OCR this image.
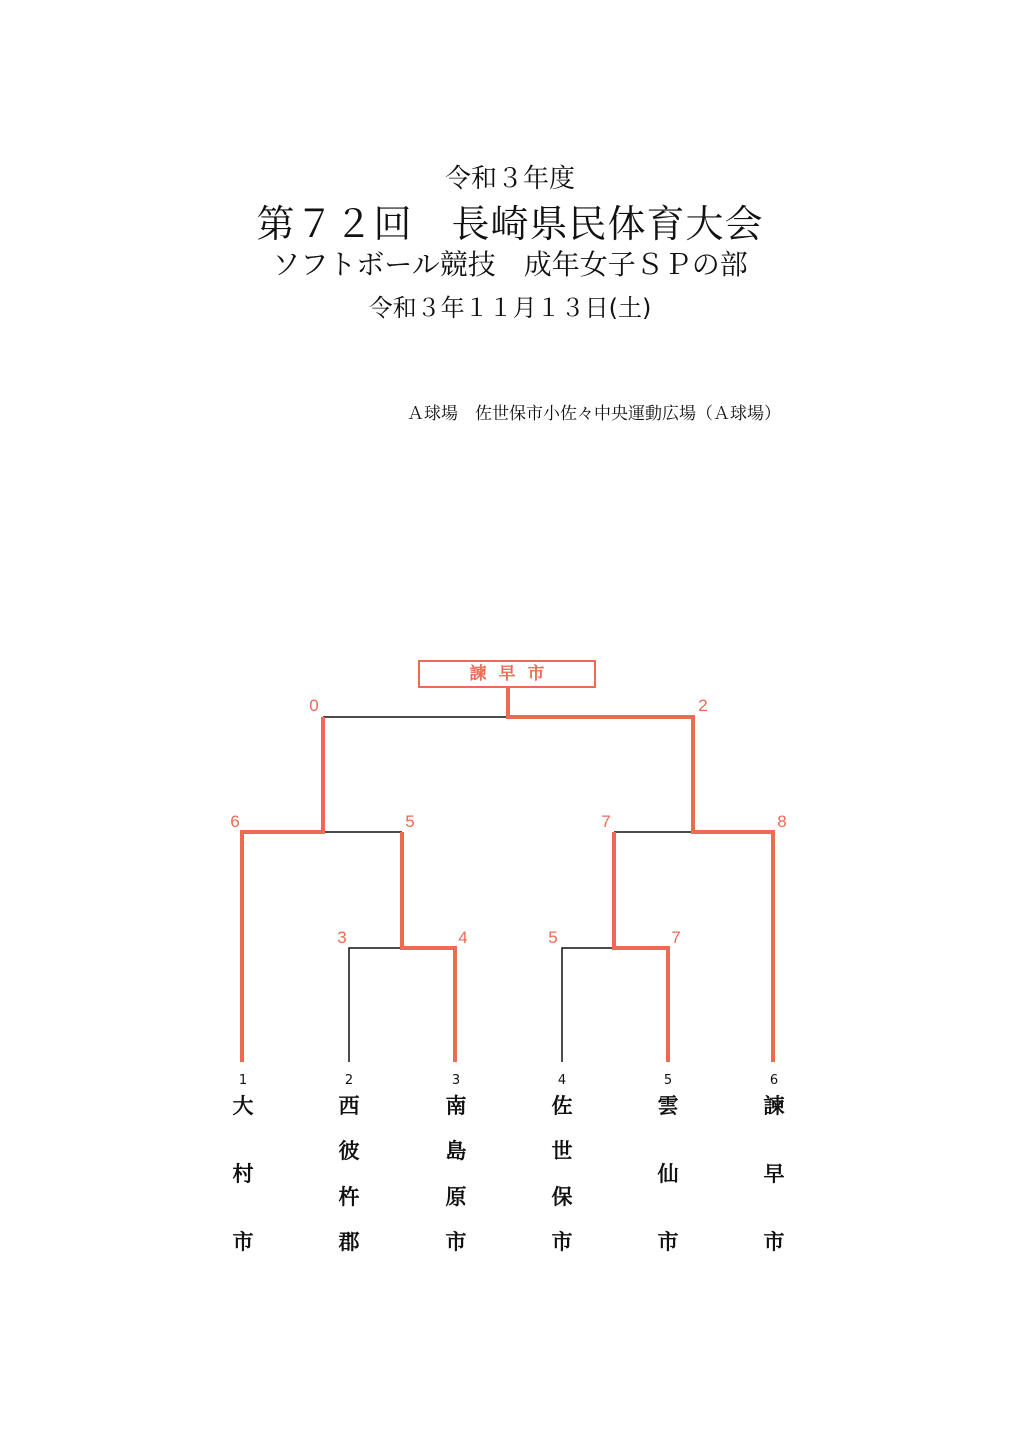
令和３年度
第７２回　長崎県民体育大会
ソフトボール競技　成年女子ＳＰの部
令和３年１１月１３日(土)
Ａ球場　佐世保市小佐々中央運動広場（Ａ球場）
諫早市
3	4	5	7
6	5	7	8
0	2
1
大
村
市
2
西
彼
杵
郡
3
南
島
原
市
4
佐
世
保
市
5
雲
仙
市
6
諫
早
市
